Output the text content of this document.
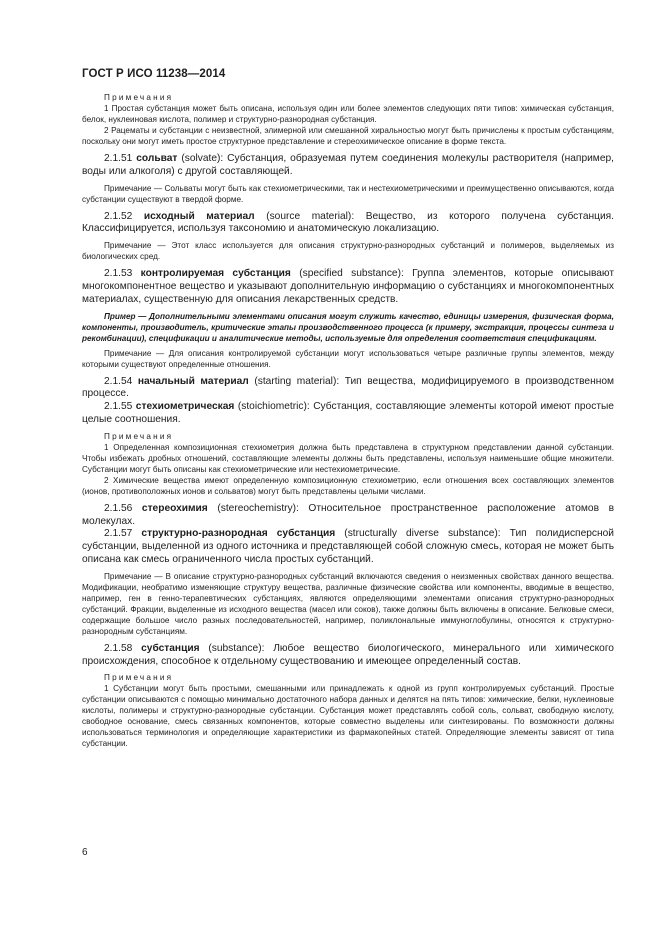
ГОСТ Р ИСО 11238—2014

Примечания

1 Простая субстанция может быть описана, используя один или более элементов следующих пяти типов: химическая субстанция, белок, нуклеиновая кислота, полимер и структурно-разнородная субстанция.

2 Рацематы и субстанции с неизвестной, элимерной или смешанной хиральностью могут быть причислены к простым субстанциям, поскольку они могут иметь простое структурное представление и стереохимическое описание в форме текста.

2.1.51 сольват (solvate): Субстанция, образуемая путем соединения молекулы растворителя (например, воды или алкоголя) с другой составляющей.

Примечание — Сольваты могут быть как стехиометрическими, так и нестехиометрическими и преимущественно описываются, когда субстанции существуют в твердой форме.

2.1.52 исходный материал (source material): Вещество, из которого получена субстанция. Классифицируется, используя таксономию и анатомическую локализацию.

Примечание — Этот класс используется для описания структурно-разнородных субстанций и полимеров, выделяемых из биологических сред.

2.1.53 контролируемая субстанция (specified substance): Группа элементов, которые описывают многокомпонентное вещество и указывают дополнительную информацию о субстанциях и многокомпонентных материалах, существенную для описания лекарственных средств.

Пример — Дополнительными элементами описания могут служить качество, единицы измерения, физическая форма, компоненты, производитель, критические этапы производственного процесса (к примеру, экстракция, процессы синтеза и рекомбинации), спецификации и аналитические методы, используемые для определения соответствия спецификациям.

Примечание — Для описания контролируемой субстанции могут использоваться четыре различные группы элементов, между которыми существуют определенные отношения.

2.1.54 начальный материал (starting material): Тип вещества, модифицируемого в производственном процессе.

2.1.55 стехиометрическая (stoichiometric): Субстанция, составляющие элементы которой имеют простые целые соотношения.

Примечания

1 Определенная композиционная стехиометрия должна быть представлена в структурном представлении данной субстанции. Чтобы избежать дробных отношений, составляющие элементы должны быть представлены, используя наименьшие общие множители. Субстанции могут быть описаны как стехиометрические или нестехиометрические.

2 Химические вещества имеют определенную композиционную стехиометрию, если отношения всех составляющих элементов (ионов, противоположных ионов и сольватов) могут быть представлены целыми числами.

2.1.56 стереохимия (stereochemistry): Относительное пространственное расположение атомов в молекулах.

2.1.57 структурно-разнородная субстанция (structurally diverse substance): Тип полидисперсной субстанции, выделенной из одного источника и представляющей собой сложную смесь, которая не может быть описана как смесь ограниченного числа простых субстанций.

Примечание — В описание структурно-разнородных субстанций включаются сведения о неизменных свойствах данного вещества. Модификации, необратимо изменяющие структуру вещества, различные физические свойства или компоненты, вводимые в вещество, например, ген в генно-терапевтических субстанциях, являются определяющими элементами описания структурно-разнородных субстанций. Фракции, выделенные из исходного вещества (масел или соков), также должны быть включены в описание. Белковые смеси, содержащие большое число разных последовательностей, например, поликлональные иммуноглобулины, относятся к структурно-разнородным субстанциям.

2.1.58 субстанция (substance): Любое вещество биологического, минерального или химического происхождения, способное к отдельному существованию и имеющее определенный состав.

Примечания

1 Субстанции могут быть простыми, смешанными или принадлежать к одной из групп контролируемых субстанций. Простые субстанции описываются с помощью минимально достаточного набора данных и делятся на пять типов: химические, белки, нуклеиновые кислоты, полимеры и структурно-разнородные субстанции. Субстанция может представлять собой соль, сольват, свободную кислоту, свободное основание, смесь связанных компонентов, которые совместно выделены или синтезированы. По возможности должны использоваться терминология и определяющие характеристики из фармакопейных статей. Определяющие элементы зависят от типа субстанции.

6
